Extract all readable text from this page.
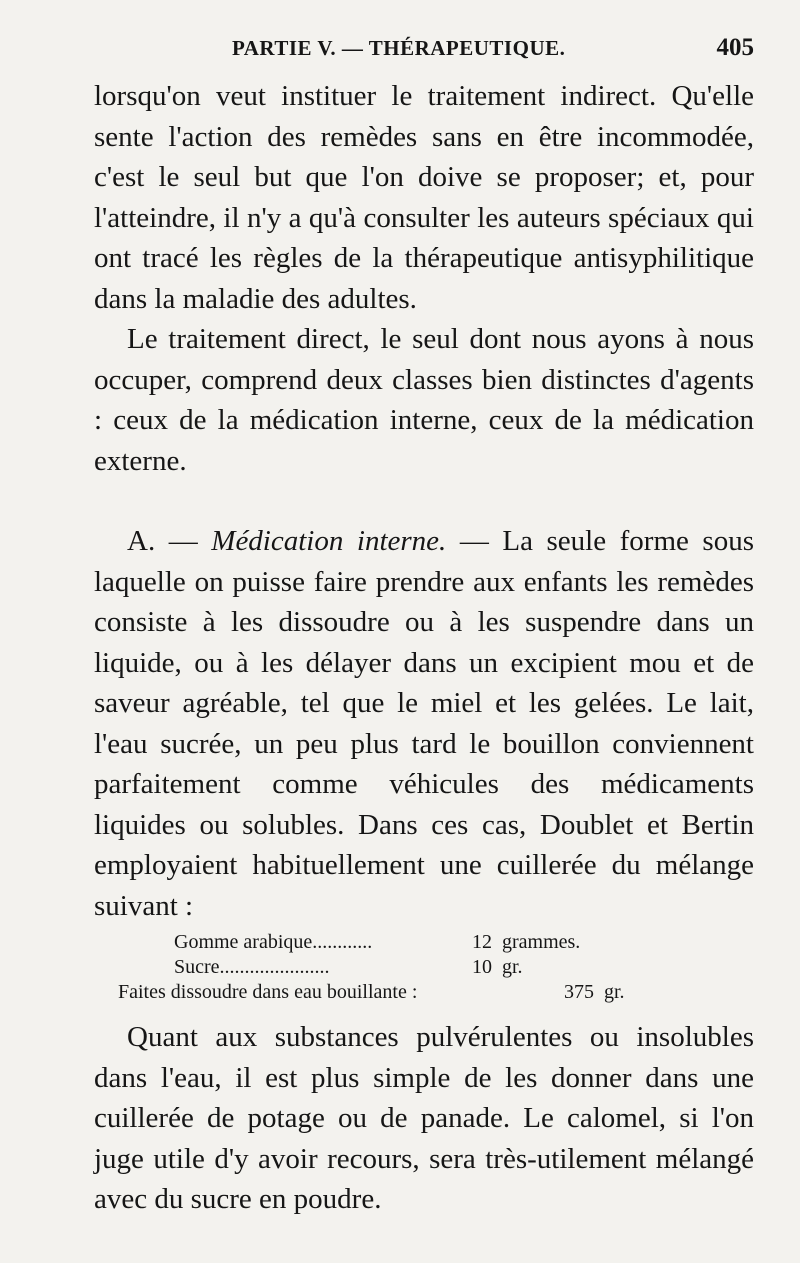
PARTIE V. — THÉRAPEUTIQUE.	405

lorsqu'on veut instituer le traitement indirect. Qu'elle sente l'action des remèdes sans en être incommodée, c'est le seul but que l'on doive se proposer; et, pour l'atteindre, il n'y a qu'à consulter les auteurs spéciaux qui ont tracé les règles de la thérapeutique antisyphilitique dans la maladie des adultes.

Le traitement direct, le seul dont nous ayons à nous occuper, comprend deux classes bien distinctes d'agents : ceux de la médication interne, ceux de la médication externe.

A. — Médication interne. — La seule forme sous laquelle on puisse faire prendre aux enfants les remèdes consiste à les dissoudre ou à les suspendre dans un liquide, ou à les délayer dans un excipient mou et de saveur agréable, tel que le miel et les gelées. Le lait, l'eau sucrée, un peu plus tard le bouillon conviennent parfaitement comme véhicules des médicaments liquides ou solubles. Dans ces cas, Doublet et Bertin employaient habituellement une cuillerée du mélange suivant :

Gomme arabique............	12 grammes.
Sucre......................	10 gr.
Faites dissoudre dans eau bouillante :	375 gr.

Quant aux substances pulvérulentes ou insolubles dans l'eau, il est plus simple de les donner dans une cuillerée de potage ou de panade. Le calomel, si l'on juge utile d'y avoir recours, sera très-utilement mélangé avec du sucre en poudre.
